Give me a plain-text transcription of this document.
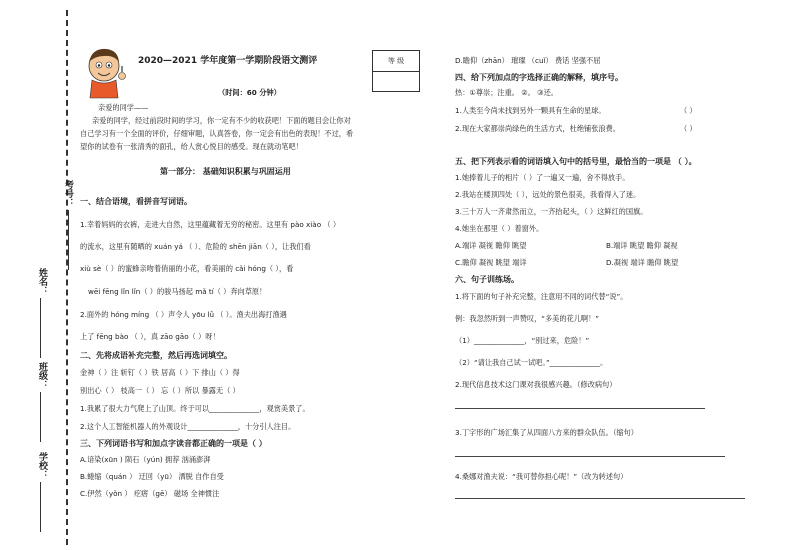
考号：
姓名：
班级：
学校：
2020—2021 学年度第一学期阶段语文测评	等 级
（时间：60 分钟）
亲爱的同学——
亲爱的同学，经过前段时间的学习，你一定有不少的收获吧！下面的题目会让你对
自己学习有一个全面的评价，仔细审题，认真答卷，你一定会有出色的表现！不过，希
望你的试卷有一张清秀的面孔，给人赏心悦目的感受。现在就动笔吧！
第一部分： 基础知识积累与巩固运用
一、结合语境，看拼音写词语。
1.幸着妈妈的衣裤，走进大自然，这里蕴藏着无穷的秘密。这里有 pào xiào （ ）
的流水，这里有随晒的 xuán yá （ ）、危险的 shēn jiān（ ），让我们看
xiù sè（ ）的蜜蜂亲吻着俏丽的小花，看美丽的 cǎi hóng（ ），看
wēi fēng lǐn lǐn（ ）的骏马扬起 mǎ tí（ ）奔向草原！
2.面外的 hóng míng （ ）声令人 yōu lǜ （ ）。渔夫出海打渔遇
上了 fēng bào （ ），真 zāo gāo（ ）呀！
二、先将成语补充完整，然后再选词填空。
金神（ ）注 斩钉（ ）铁 居高（ ）下 排山（ ）得
别出心（ ） 枝高一（ ） 忘（ ）所以 暴露无（ ）
1.我累了很大力气爬上了山顶。终于可以______________，观赏美景了。
2.这个人工智能机器人的外观设计______________，十分引人注目。
三、下列词语书写和加点字读音都正确的一项是（ ）
A.谙染(xūn ) 陨石（yún) 拥荐 汹涌澎湃
B.蜷缩（quán ） 迂回（yū） 洒脱 自作自受
C.伊然（yǒn ） 疙瘩（gē） 磁场 全神惯注
D.瞻仰（zhān） 璀璨 （cuǐ） 费话 坚强不屈
四、给下列加点的字选择正确的解释，填序号。
热：①尊崇；注重。 ②。 ③还。
1.人类至今尚未找到另外一颗具有生命的星球。	（ ）
2.现在大家都崇尚绿色的生活方式，杜绝铺张浪费。	（ ）
五、把下列表示看的词语填入句中的括号里，最恰当的一项是 （ ）。
1.她捧着儿子的相片（ ）了一遍又一遍，舍不得放手。
2.我站在楼顶四处（ ），远处的景色很美，我看得入了迷。
3.三十万人一齐肃然而立，一齐抬起头，（ ）这鲜红的国旗。
4.她坐在那里（ ）着窗外。
A.端详 凝视 瞻仰 眺望	B.端详 眺望 瞻仰 凝视
C.瞻仰 凝视 眺望 端详	D.凝视 端详 瞻仰 眺望
六、句子训练场。
1.将下面的句子补充完整，注意用不同的词代替“说”。
例：我忽然听到一声赞叹，“多美的花儿啊！”
（1）______________，“别过来，危险！”
（2）“请让我自己试一试吧。”______________。
2.现代信息技术这门课对我很感兴趣。（修改病句）
3.丁字形的广场汇集了从四面八方来的群众队伍。（缩句）
4.桑娜对渔夫说：“我可替你担心呢！”（改为转述句）
